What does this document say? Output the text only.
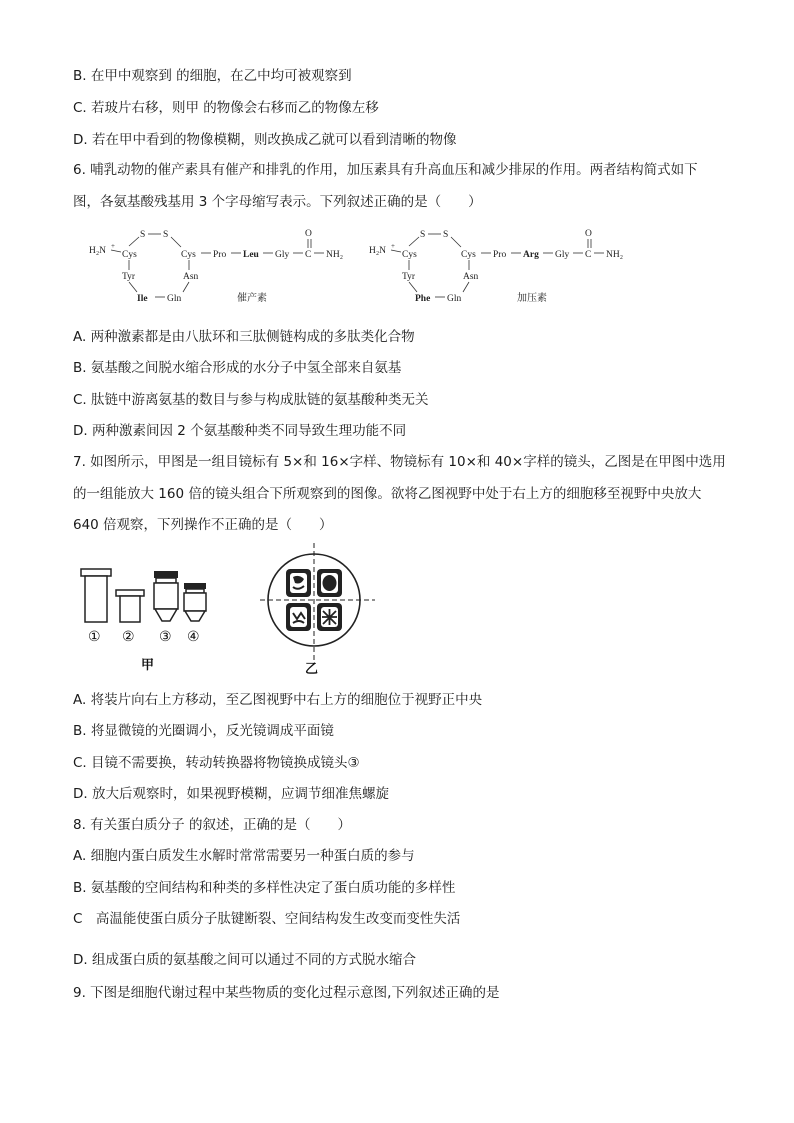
B. 在甲中观察到 的细胞，在乙中均可被观察到
C. 若玻片右移，则甲 的物像会右移而乙的物像左移
D. 若在甲中看到的物像模糊，则改换成乙就可以看到清晰的物像
6. 哺乳动物的催产素具有催产和排乳的作用，加压素具有升高血压和减少排尿的作用。两者结构简式如下
图，各氨基酸残基用 3 个字母缩写表示。下列叙述正确的是（　　）
H₂N +
Cys
S S
Cys Pro Leu Gly C
O
NH₂
Tyr	Asn
Ile Gln	催产素
H₂N +
Cys
S S
Cys Pro Arg Gly C
O
NH₂
Tyr	Asn
Phe Gln	加压素
A. 两种激素都是由八肽环和三肽侧链构成的多肽类化合物
B. 氨基酸之间脱水缩合形成的水分子中氢全部来自氨基
C. 肽链中游离氨基的数目与参与构成肽链的氨基酸种类无关
D. 两种激素间因 2 个氨基酸种类不同导致生理功能不同
7. 如图所示，甲图是一组目镜标有 5×和 16×字样、物镜标有 10×和 40×字样的镜头，乙图是在甲图中选用
的一组能放大 160 倍的镜头组合下所观察到的图像。欲将乙图视野中处于右上方的细胞移至视野中央放大
640 倍观察，下列操作不正确的是（　　）
① ② ③ ④
甲	乙
A. 将装片向右上方移动，至乙图视野中右上方的细胞位于视野正中央
B. 将显微镜的光圈调小，反光镜调成平面镜
C. 目镜不需要换，转动转换器将物镜换成镜头③
D. 放大后观察时，如果视野模糊，应调节细准焦螺旋
8. 有关蛋白质分子 的叙述，正确的是（　　）
A. 细胞内蛋白质发生水解时常常需要另一种蛋白质的参与
B. 氨基酸的空间结构和种类的多样性决定了蛋白质功能的多样性
C　高温能使蛋白质分子肽键断裂、空间结构发生改变而变性失活
D. 组成蛋白质的氨基酸之间可以通过不同的方式脱水缩合
9. 下图是细胞代谢过程中某些物质的变化过程示意图,下列叙述正确的是
